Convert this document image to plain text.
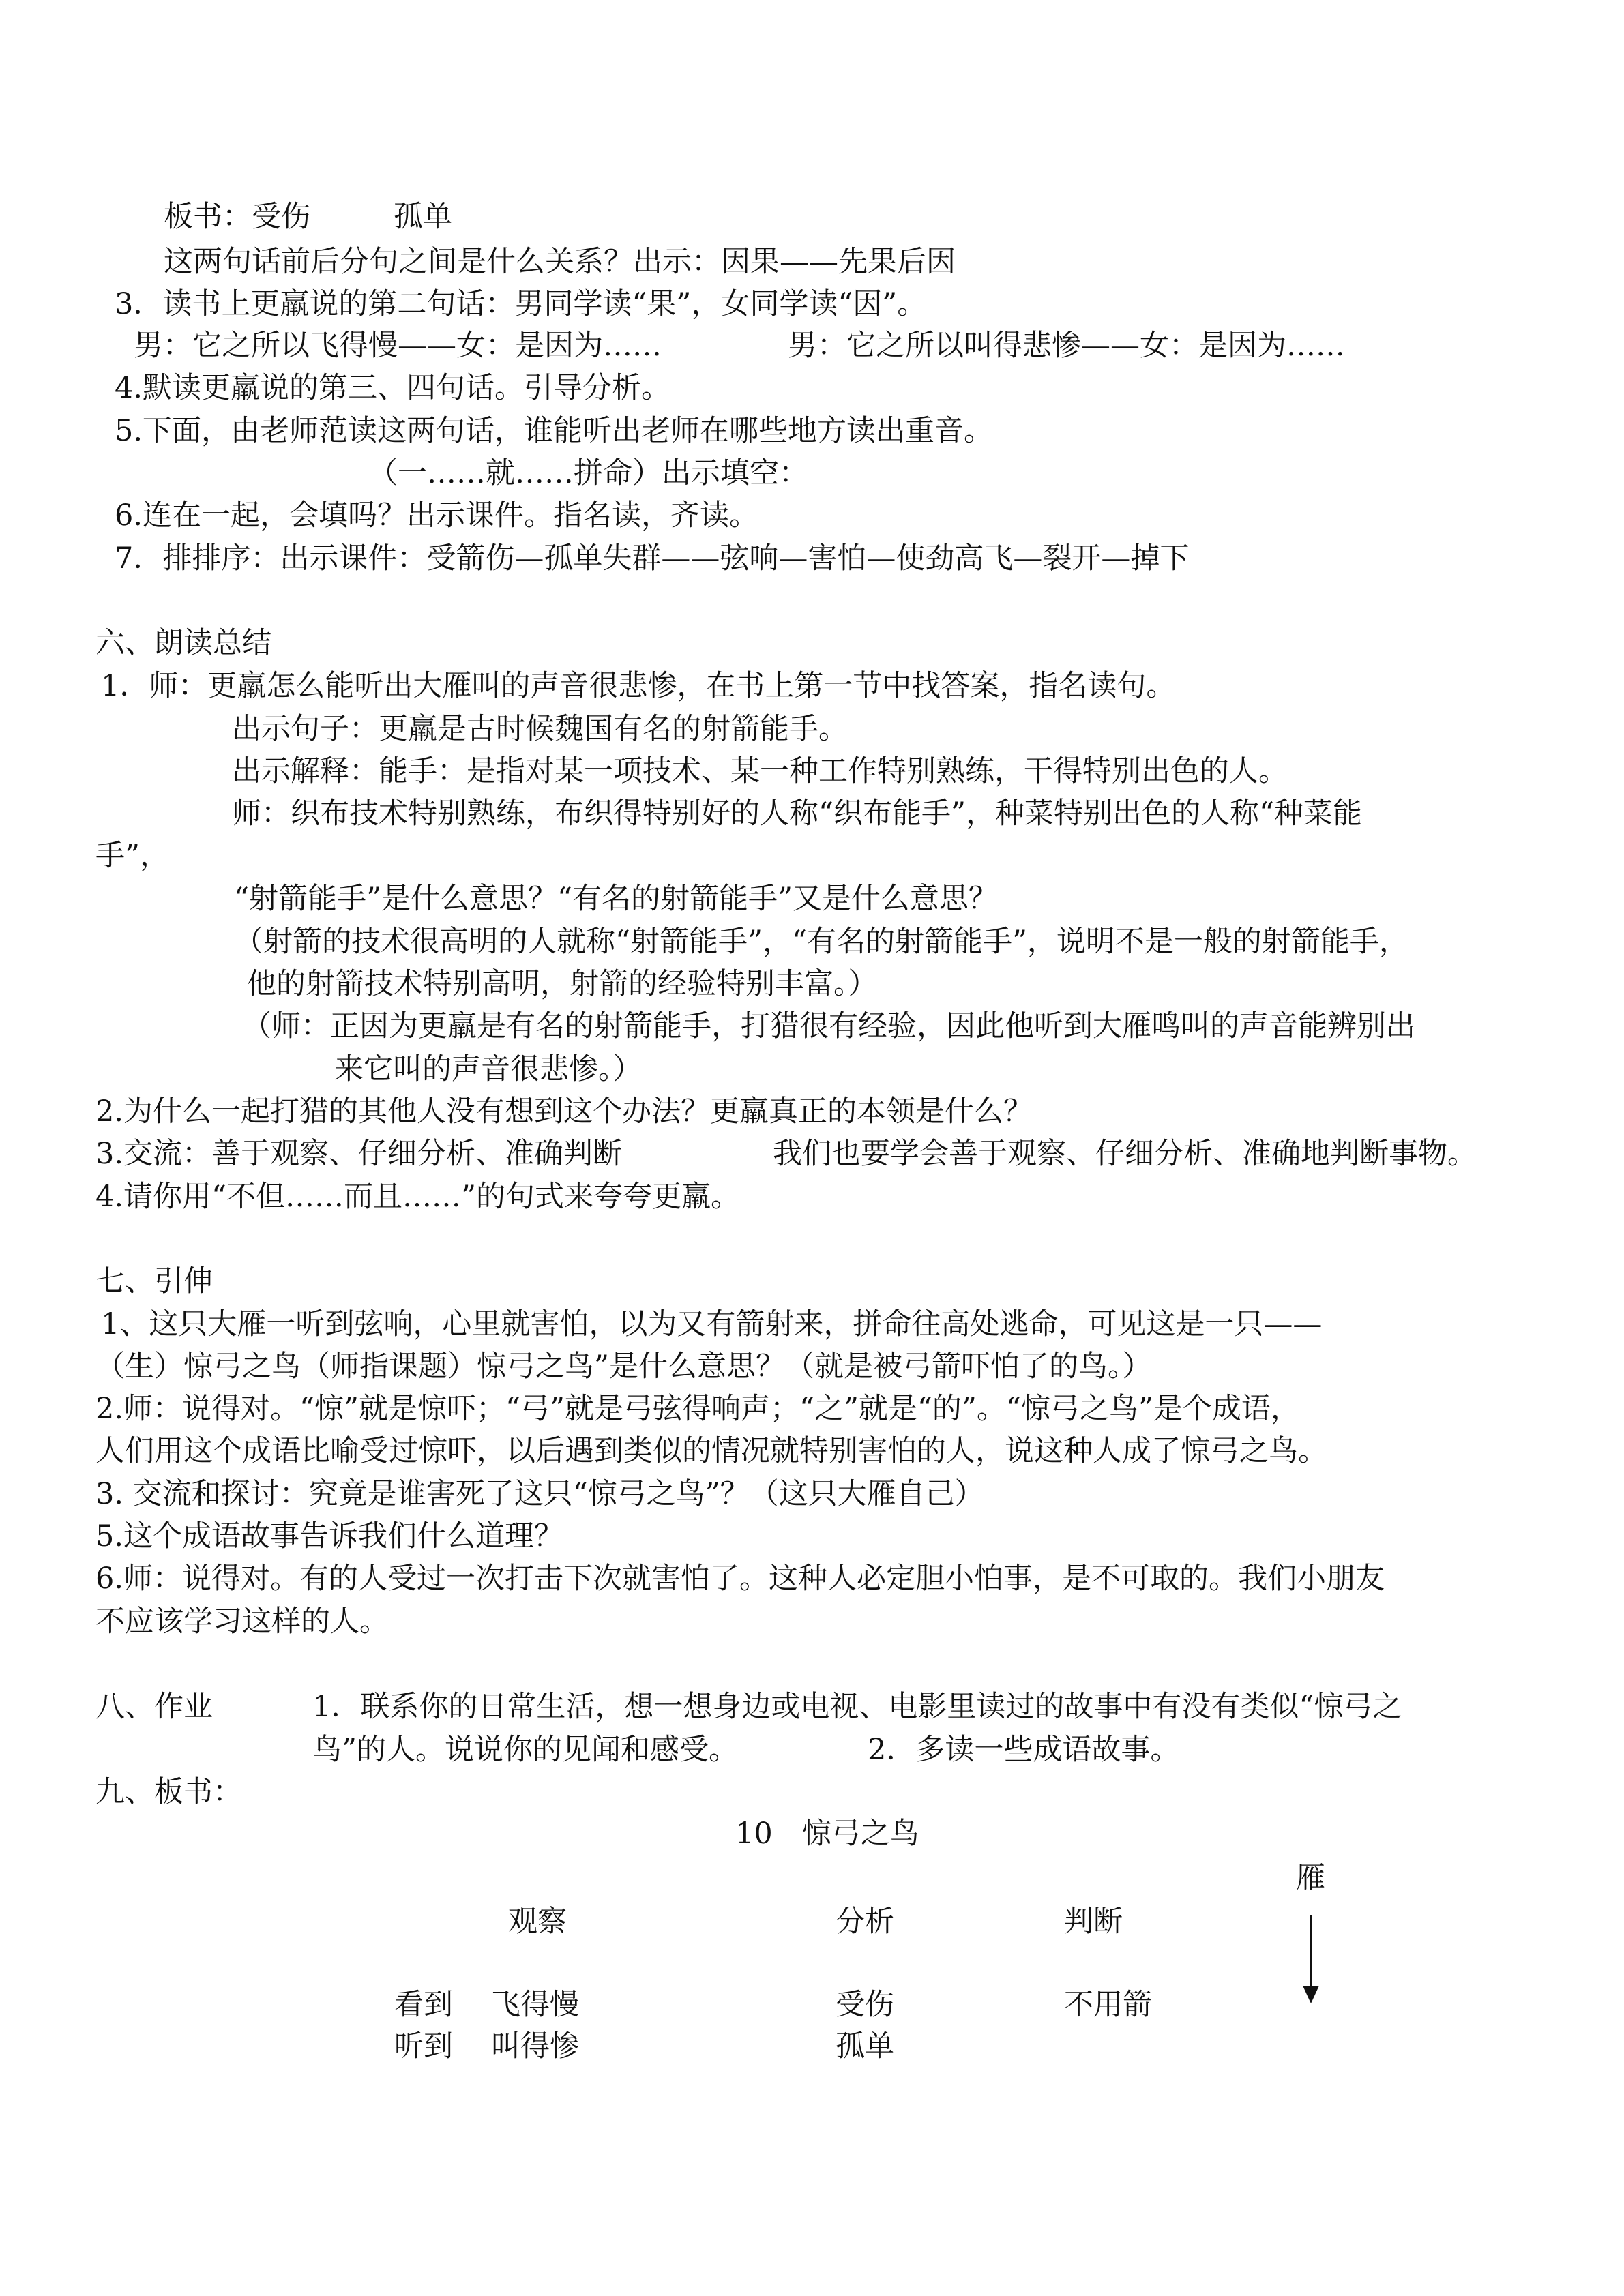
板书：受伤	孤单
这两句话前后分句之间是什么关系？出示：因果——先果后因
3．读书上更羸说的第二句话：男同学读“果”，女同学读“因”。
男：它之所以飞得慢——女：是因为……	男：它之所以叫得悲惨——女：是因为……
4.默读更羸说的第三、四句话。引导分析。
5.下面，由老师范读这两句话，谁能听出老师在哪些地方读出重音。
（一……就……拼命）出示填空：
6.连在一起，会填吗？出示课件。指名读，齐读。
7．排排序：出示课件：受箭伤—孤单失群——弦响—害怕—使劲高飞—裂开—掉下
六、朗读总结
1．师：更羸怎么能听出大雁叫的声音很悲惨，在书上第一节中找答案，指名读句。
出示句子：更羸是古时候魏国有名的射箭能手。
出示解释：能手：是指对某一项技术、某一种工作特别熟练，干得特别出色的人。
师：织布技术特别熟练，布织得特别好的人称“织布能手”，种菜特别出色的人称“种菜能
手”，
“射箭能手”是什么意思？“有名的射箭能手”又是什么意思？
（射箭的技术很高明的人就称“射箭能手”，“有名的射箭能手”，说明不是一般的射箭能手，
他的射箭技术特别高明，射箭的经验特别丰富。）
（师：正因为更羸是有名的射箭能手，打猎很有经验，因此他听到大雁鸣叫的声音能辨别出
来它叫的声音很悲惨。）
2.为什么一起打猎的其他人没有想到这个办法？更羸真正的本领是什么？
3.交流：善于观察、仔细分析、准确判断	我们也要学会善于观察、仔细分析、准确地判断事物。
4.请你用“不但……而且……”的句式来夸夸更羸。
七、引伸
1、这只大雁一听到弦响，心里就害怕，以为又有箭射来，拼命往高处逃命，可见这是一只——
（生）惊弓之鸟（师指课题）惊弓之鸟”是什么意思？（就是被弓箭吓怕了的鸟。）
2.师：说得对。“惊”就是惊吓；“弓”就是弓弦得响声；“之”就是“的”。“惊弓之鸟”是个成语，
人们用这个成语比喻受过惊吓，以后遇到类似的情况就特别害怕的人，说这种人成了惊弓之鸟。
3. 交流和探讨：究竟是谁害死了这只“惊弓之鸟”？（这只大雁自己）
5.这个成语故事告诉我们什么道理？
6.师：说得对。有的人受过一次打击下次就害怕了。这种人必定胆小怕事，是不可取的。我们小朋友
不应该学习这样的人。
八、作业	1．联系你的日常生活，想一想身边或电视、电影里读过的故事中有没有类似“惊弓之
鸟”的人。说说你的见闻和感受。	2．多读一些成语故事。
九、板书：
10　惊弓之鸟
雁
观察	分析	判断
看到 飞得慢	受伤	不用箭
听到 叫得惨	孤单
